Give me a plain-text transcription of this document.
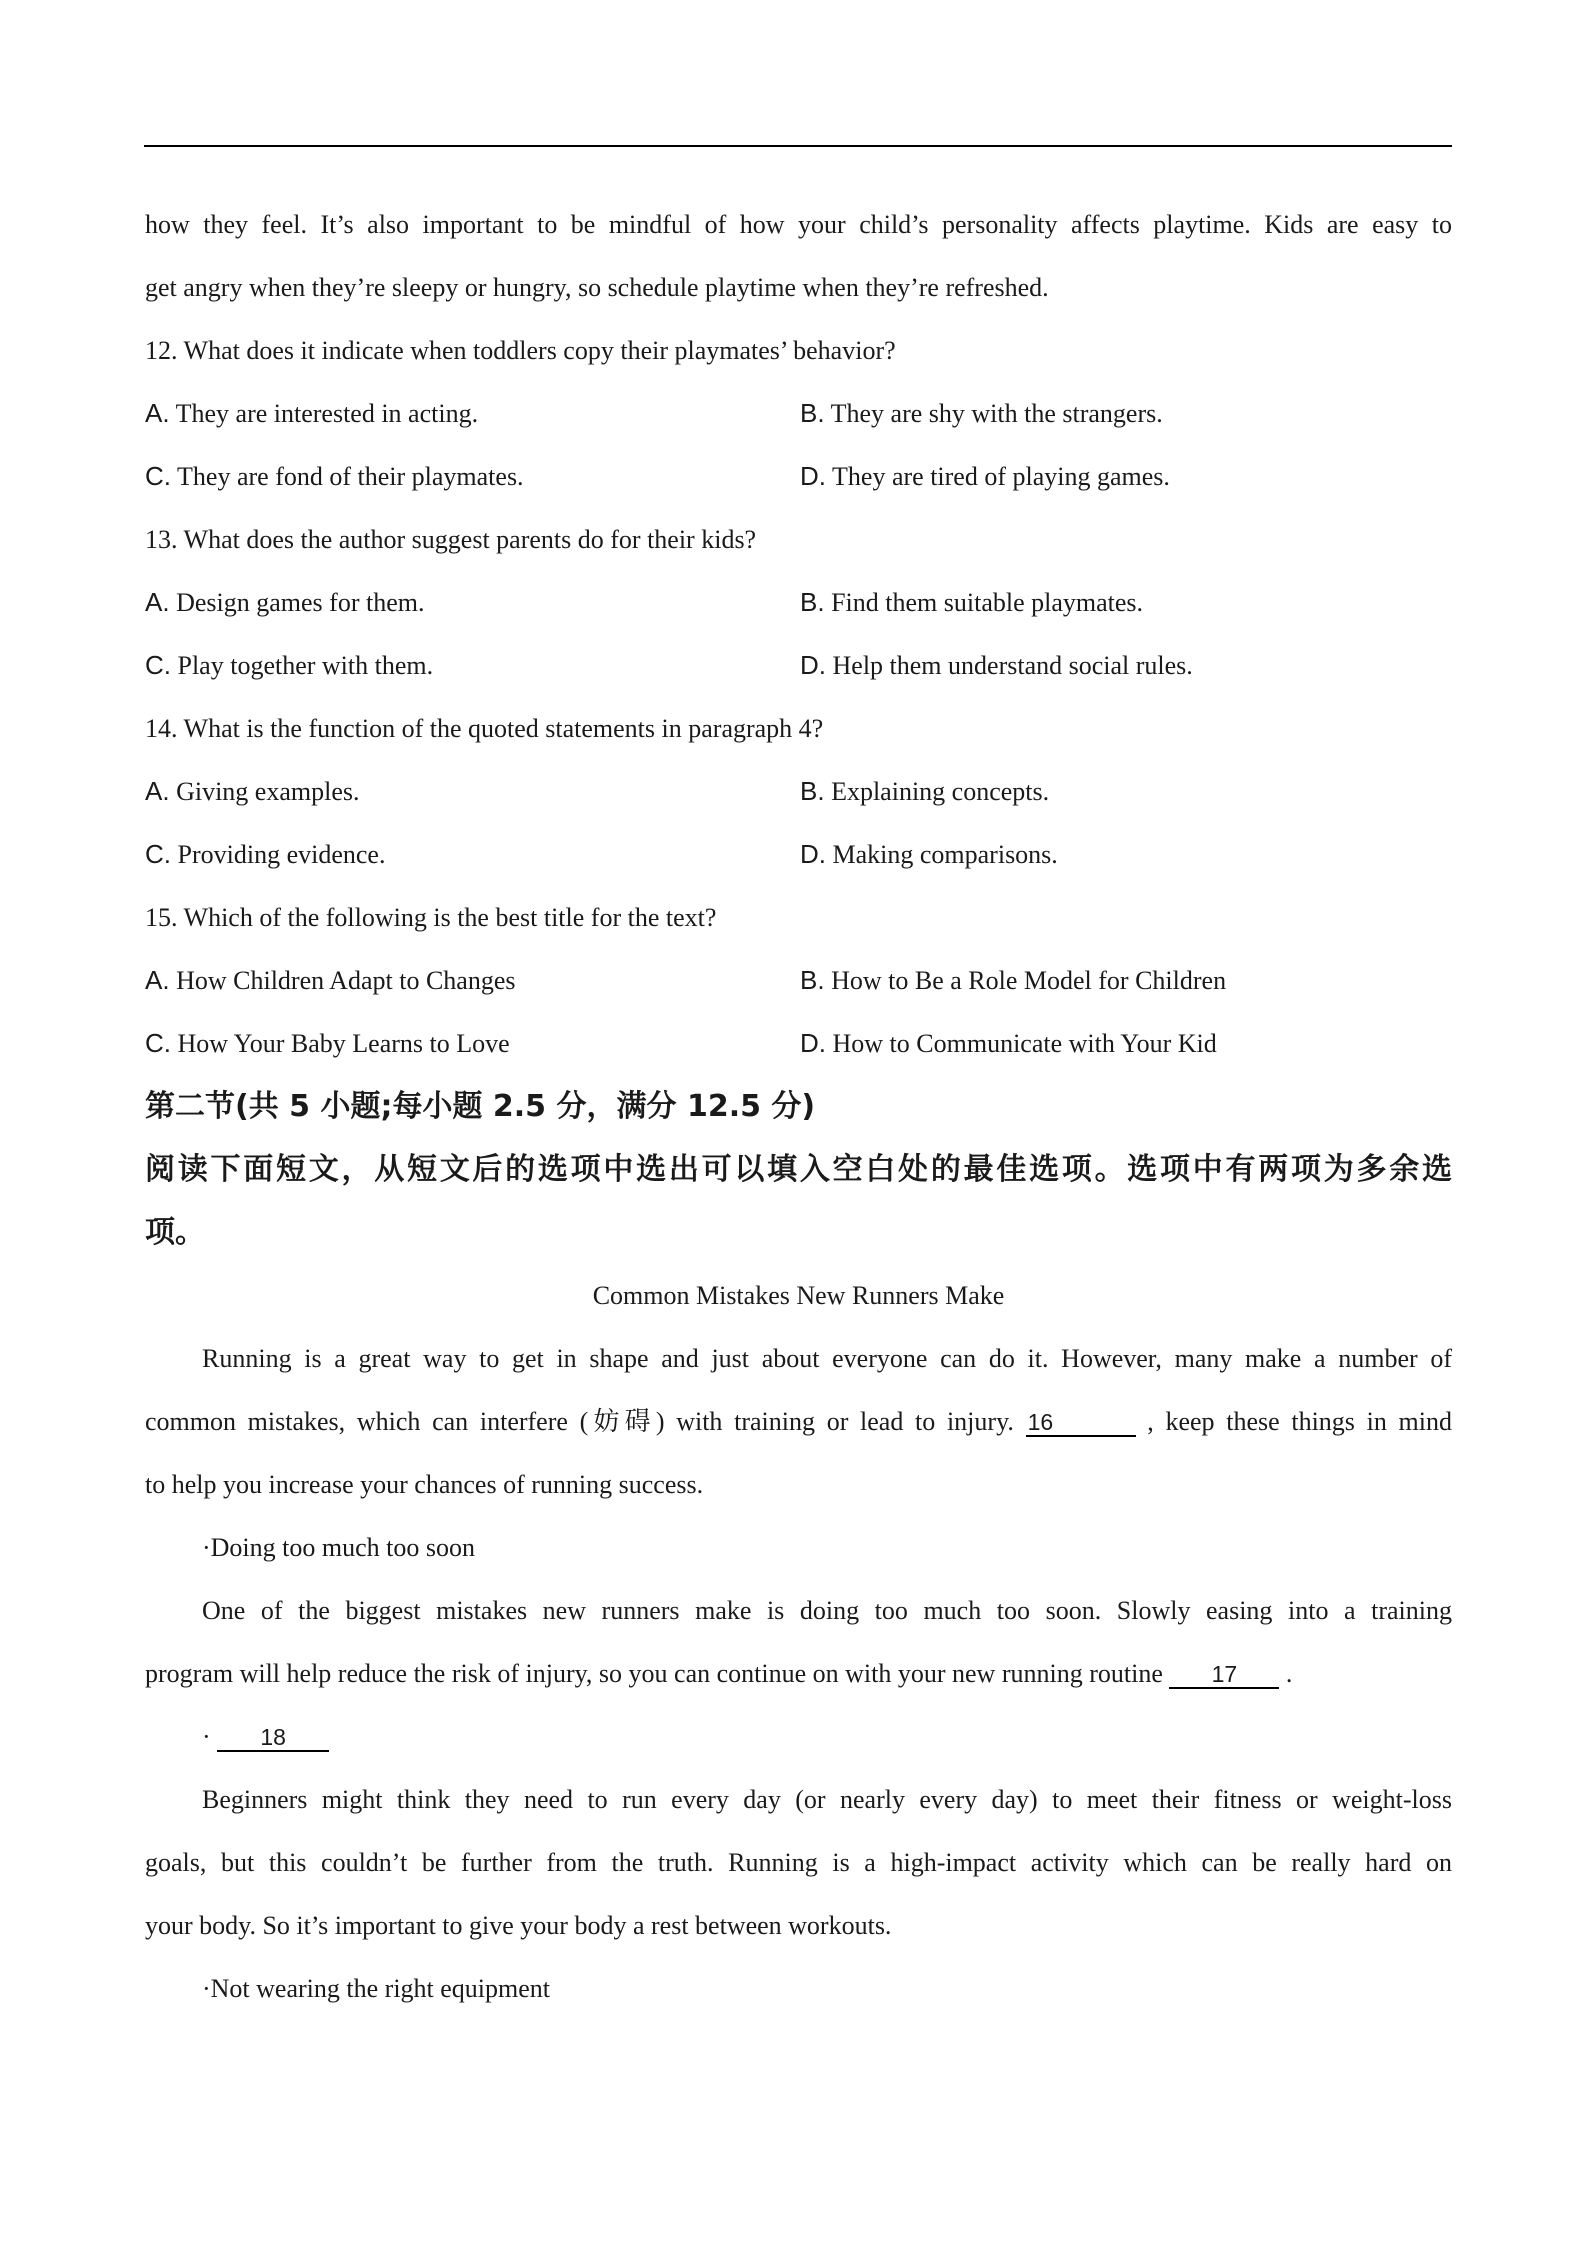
how they feel. It’s also important to be mindful of how your child’s personality affects playtime. Kids are easy to

get angry when they’re sleepy or hungry, so schedule playtime when they’re refreshed.

12. What does it indicate when toddlers copy their playmates’ behavior?

A. They are interested in acting.	B. They are shy with the strangers.

C. They are fond of their playmates.	D. They are tired of playing games.

13. What does the author suggest parents do for their kids?

A. Design games for them.	B. Find them suitable playmates.

C. Play together with them.	D. Help them understand social rules.

14. What is the function of the quoted statements in paragraph 4?

A. Giving examples.	B. Explaining concepts.

C. Providing evidence.	D. Making comparisons.

15. Which of the following is the best title for the text?

A. How Children Adapt to Changes	B. How to Be a Role Model for Children

C. How Your Baby Learns to Love	D. How to Communicate with Your Kid

第二节(共 5 小题;每小题 2.5 分，满分 12.5 分)

阅读下面短文，从短文后的选项中选出可以填入空白处的最佳选项。选项中有两项为多余选

项。

Common Mistakes New Runners Make

Running is a great way to get in shape and just about everyone can do it. However, many make a number of

common mistakes, which can interfere (妨碍) with training or lead to injury. 16	, keep these things in mind

to help you increase your chances of running success.

·Doing too much too soon

One of the biggest mistakes new runners make is doing too much too soon. Slowly easing into a training

program will help reduce the risk of injury, so you can continue on with your new running routine 17 .

· 18

Beginners might think they need to run every day (or nearly every day) to meet their fitness or weight-loss

goals, but this couldn’t be further from the truth. Running is a high-impact activity which can be really hard on

your body. So it’s important to give your body a rest between workouts.

·Not wearing the right equipment
